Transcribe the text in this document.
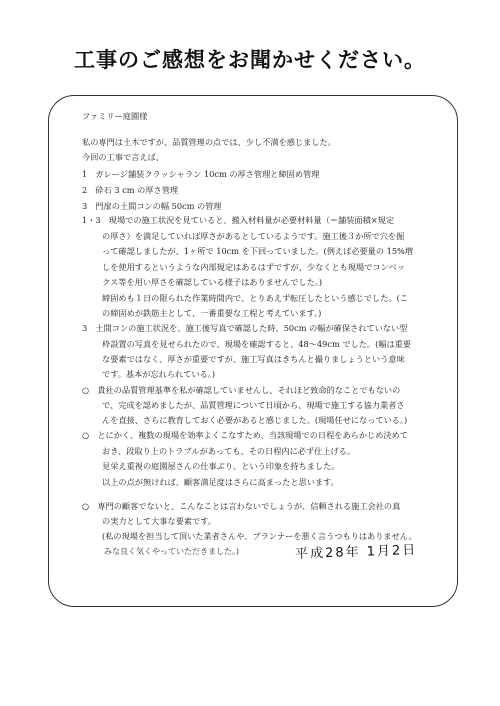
工事のご感想をお聞かせください。
ファミリー庭園様
私の専門は土木ですが、品質管理の点では、少し不満を感じました。
今回の工事で言えば、
1　ガレージ舗装クラッシャラン 10cm の厚さ管理と締固め管理
2　砕石 3 cm の厚さ管理
3　門扉の土間コンの幅 50cm の管理
1・3　現場での施工状況を見ていると、搬入材料量が必要材料量（＝舗装面積×規定
の厚さ）を満足していれば厚さがあるとしているようです。施工後３か所で穴を掘
って確認しましたが、1ヶ所で 10cm を下回っていました。(例えば必要量の 15%増
しを使用するというような内部規定はあるはずですが、少なくとも現場でコンベッ
クス等を用い厚さを確認している様子はありませんでした。)
締固めも１日の限られた作業時間内で、とりあえず転圧したという感じでした。(こ
の締固めが鉄筋主として、一番重要な工程と考えています。)
3　土間コンの施工状況を、施工後写真で確認した時、50cm の幅が確保されていない型
枠設置の写真を見せられたので、現場を確認すると、48～49cm でした。(幅は重要
な要素ではなく、厚さが重要ですが、施工写真はきちんと撮りましょうという意味
です。基本が忘れられている。)
○　貴社の品質管理基準を私が確認していませんし、それほど致命的なことでもないの
で、完成を認めましたが、品質管理について日頃から、現場で施工する協力業者さ
んを直接、さらに教育しておく必要があると感じました。(現場任せになっている。)
○　とにかく、複数の現場を効率よくこなすため、当該現場での日程をあらかじめ決めて
おき、段取り上のトラブルがあっても、その日程内に必ず仕上げる。
見栄え重視の庭園屋さんの仕事ぶり、という印象を持ちました。
以上の点が無ければ、顧客満足度はさらに高まったと思います。
○　専門の顧客でないと、こんなことは言わないでしょうが、信頼される施工会社の真
の実力として大事な要素です。
(私の現場を担当して頂いた業者さんや、プランナーを悪く言うつもりはありません。
みな良く気くやっていただきました。)	平成28年 1月2日
